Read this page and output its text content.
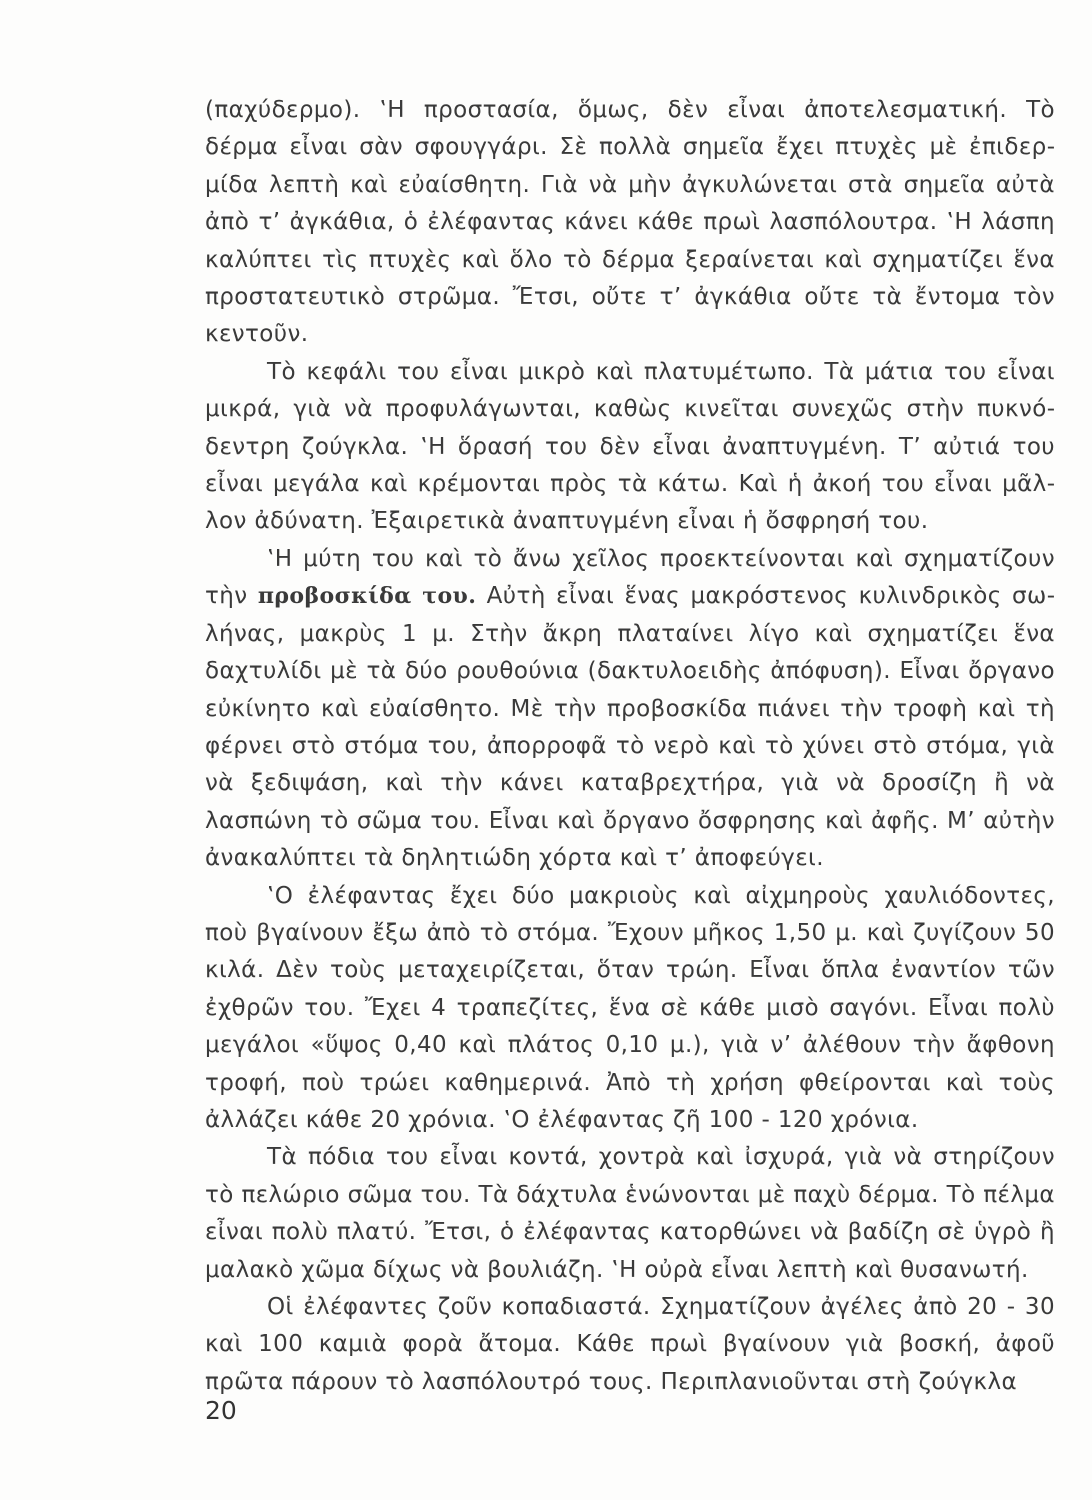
(παχύδερμο). ‛Η προστασία, ὅμως, δὲν εἶναι ἀποτελεσματική. Τὸ δέρμα εἶναι σὰν σφουγγάρι. Σὲ πολλὰ σημεῖα ἔχει πτυχὲς μὲ ἐπιδερμίδα λεπτὴ καὶ εὐαίσθητη. Γιὰ νὰ μὴν ἀγκυλώνεται στὰ σημεῖα αὐτὰ ἀπὸ τ’ ἀγκάθια, ὁ ἐλέφαντας κάνει κάθε πρωὶ λασπόλουτρα. ‛Η λάσπη καλύπτει τὶς πτυχὲς καὶ ὅλο τὸ δέρμα ξεραίνεται καὶ σχηματίζει ἕνα προστατευτικὸ στρῶμα. Ἔτσι, οὔτε τ’ ἀγκάθια οὔτε τὰ ἔντομα τὸν κεντοῦν.

Τὸ κεφάλι του εἶναι μικρὸ καὶ πλατυμέτωπο. Τὰ μάτια του εἶναι μικρά, γιὰ νὰ προφυλάγωνται, καθὼς κινεῖται συνεχῶς στὴν πυκνόδεντρη ζούγκλα. ‛Η ὅρασή του δὲν εἶναι ἀναπτυγμένη. Τ’ αὐτιά του εἶναι μεγάλα καὶ κρέμονται πρὸς τὰ κάτω. Καὶ ἡ ἀκοή του εἶναι μᾶλλον ἀδύνατη. Ἐξαιρετικὰ ἀναπτυγμένη εἶναι ἡ ὄσφρησή του.

‛Η μύτη του καὶ τὸ ἄνω χεῖλος προεκτείνονται καὶ σχηματίζουν τὴν προβοσκίδα του. Αὐτὴ εἶναι ἕνας μακρόστενος κυλινδρικὸς σωλήνας, μακρὺς 1 μ. Στὴν ἄκρη πλαταίνει λίγο καὶ σχηματίζει ἕνα δαχτυλίδι μὲ τὰ δύο ρουθούνια (δακτυλοειδὴς ἀπόφυση). Εἶναι ὄργανο εὐκίνητο καὶ εὐαίσθητο. Μὲ τὴν προβοσκίδα πιάνει τὴν τροφὴ καὶ τὴ φέρνει στὸ στόμα του, ἀπορροφᾶ τὸ νερὸ καὶ τὸ χύνει στὸ στόμα, γιὰ νὰ ξεδιψάση, καὶ τὴν κάνει καταβρεχτήρα, γιὰ νὰ δροσίζη ἢ νὰ λασπώνη τὸ σῶμα του. Εἶναι καὶ ὄργανο ὄσφρησης καὶ ἀφῆς. Μ’ αὐτὴν ἀνακαλύπτει τὰ δηλητιώδη χόρτα καὶ τ’ ἀποφεύγει.

‛Ο ἐλέφαντας ἔχει δύο μακριοὺς καὶ αἰχμηροὺς χαυλιόδοντες, ποὺ βγαίνουν ἔξω ἀπὸ τὸ στόμα. Ἔχουν μῆκος 1,50 μ. καὶ ζυγίζουν 50 κιλά. Δὲν τοὺς μεταχειρίζεται, ὅταν τρώη. Εἶναι ὅπλα ἐναντίον τῶν ἐχθρῶν του. Ἔχει 4 τραπεζίτες, ἕνα σὲ κάθε μισὸ σαγόνι. Εἶναι πολὺ μεγάλοι «ὕψος 0,40 καὶ πλάτος 0,10 μ.), γιὰ ν’ ἀλέθουν τὴν ἄφθονη τροφή, ποὺ τρώει καθημερινά. Ἀπὸ τὴ χρήση φθείρονται καὶ τοὺς ἀλλάζει κάθε 20 χρόνια. ‛Ο ἐλέφαντας ζῆ 100 - 120 χρόνια.

Τὰ πόδια του εἶναι κοντά, χοντρὰ καὶ ἰσχυρά, γιὰ νὰ στηρίζουν τὸ πελώριο σῶμα του. Τὰ δάχτυλα ἑνώνονται μὲ παχὺ δέρμα. Τὸ πέλμα εἶναι πολὺ πλατύ. Ἔτσι, ὁ ἐλέφαντας κατορθώνει νὰ βαδίζη σὲ ὑγρὸ ἢ μαλακὸ χῶμα δίχως νὰ βουλιάζη. ‛Η οὐρὰ εἶναι λεπτὴ καὶ θυσανωτή.

Οἱ ἐλέφαντες ζοῦν κοπαδιαστά. Σχηματίζουν ἀγέλες ἀπὸ 20 - 30 καὶ 100 καμιὰ φορὰ ἄτομα. Κάθε πρωὶ βγαίνουν γιὰ βοσκή, ἀφοῦ πρῶτα πάρουν τὸ λασπόλουτρό τους. Περιπλανιοῦνται στὴ ζούγκλα

20
